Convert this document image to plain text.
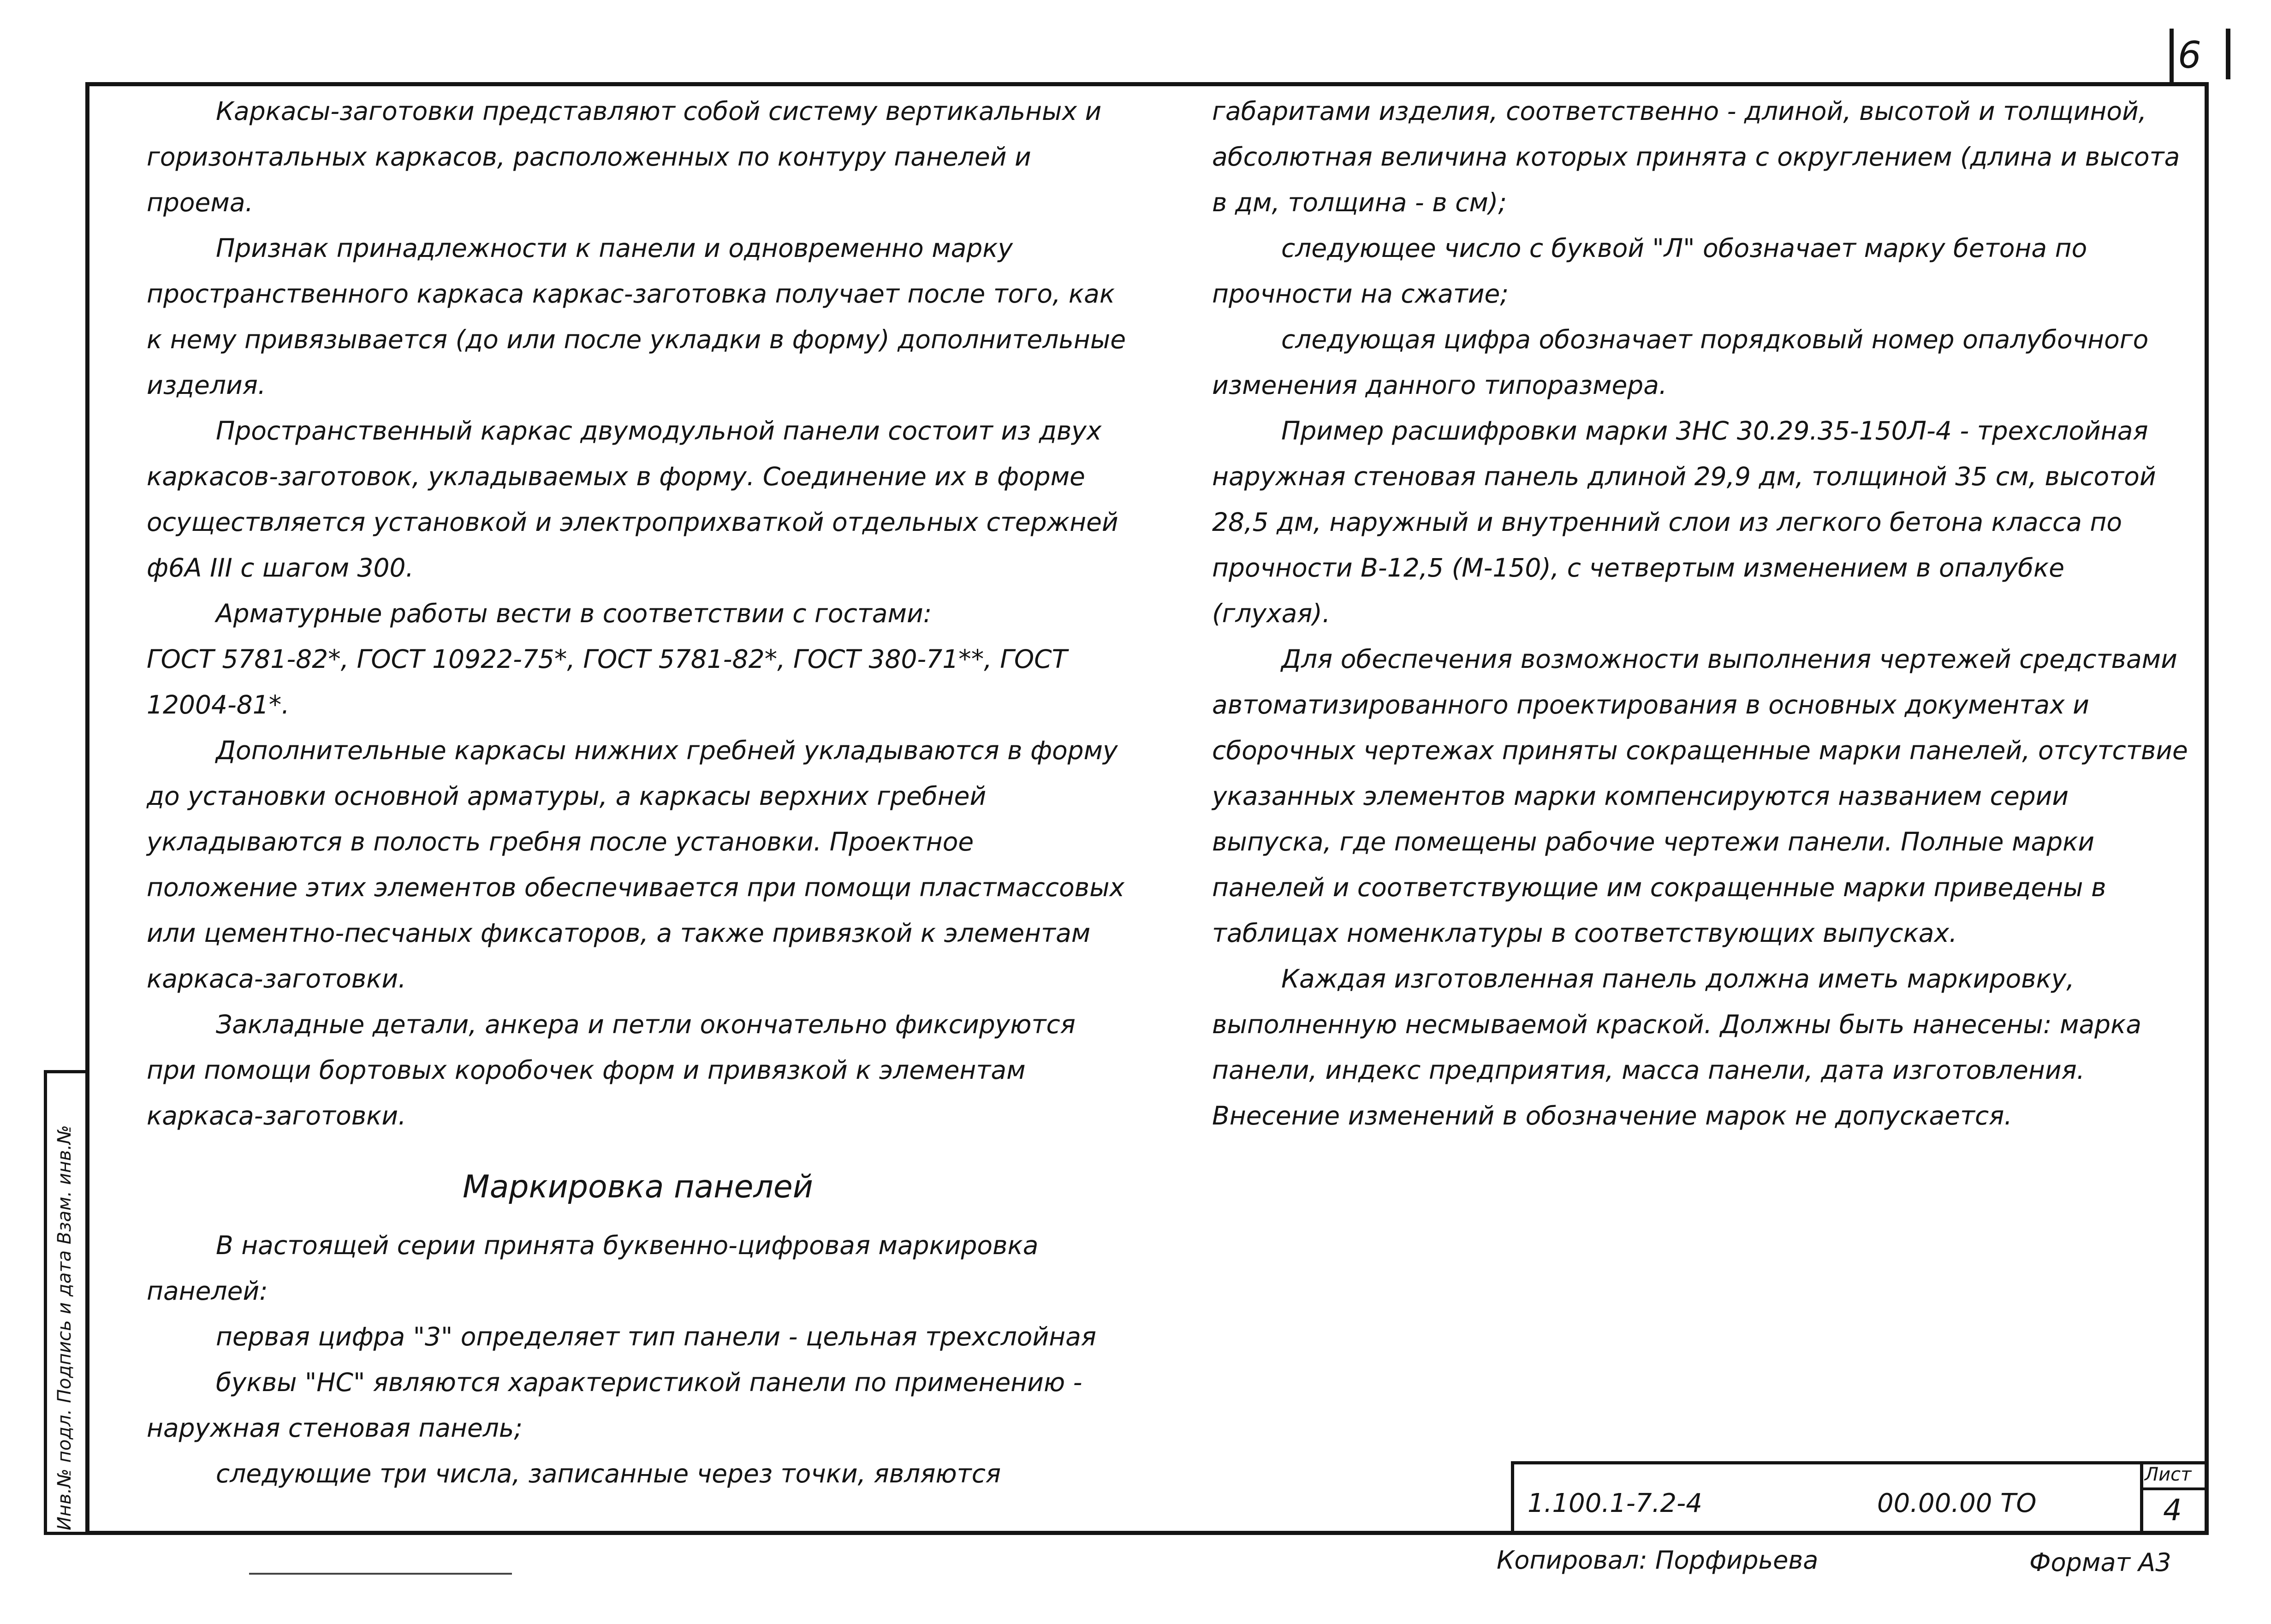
6

Каркасы-заготовки представляют собой систему вертикальных и горизонтальных каркасов, расположенных по контуру панелей и проема.

Признак принадлежности к панели и одновременно марку пространственного каркаса каркас-заготовка получает после того, как к нему привязывается (до или после укладки в форму) дополнительные изделия.

Пространственный каркас двумодульной панели состоит из двух каркасов-заготовок, укладываемых в форму. Соединение их в форме осуществляется установкой и электроприхваткой отдельных стержней ф6А III с шагом 300.

Арматурные работы вести в соответствии с гостами:

ГОСТ 5781-82*, ГОСТ 10922-75*, ГОСТ 5781-82*, ГОСТ 380-71**, ГОСТ 12004-81*.

Дополнительные каркасы нижних гребней укладываются в форму до установки основной арматуры, а каркасы верхних гребней укладываются в полость гребня после установки. Проектное положение этих элементов обеспечивается при помощи пластмассовых или цементно-песчаных фиксаторов, а также привязкой к элементам каркаса-заготовки.

Закладные детали, анкера и петли окончательно фиксируются при помощи бортовых коробочек форм и привязкой к элементам каркаса-заготовки.

Маркировка панелей

В настоящей серии принята буквенно-цифровая маркировка панелей:

первая цифра "3" определяет тип панели - цельная трехслойная

буквы "НС" являются характеристикой панели по применению - наружная стеновая панель;

следующие три числа, записанные через точки, являются

габаритами изделия, соответственно - длиной, высотой и толщиной, абсолютная величина которых принята с округлением (длина и высота в дм, толщина - в см);

следующее число с буквой "Л" обозначает марку бетона по прочности на сжатие;

следующая цифра обозначает порядковый номер опалубочного изменения данного типоразмера.

Пример расшифровки марки 3НС 30.29.35-150Л-4 - трехслойная наружная стеновая панель длиной 29,9 дм, толщиной 35 см, высотой 28,5 дм, наружный и внутренний слои из легкого бетона класса по прочности В-12,5 (М-150), с четвертым изменением в опалубке (глухая).

Для обеспечения возможности выполнения чертежей средствами автоматизированного проектирования в основных документах и сборочных чертежах приняты сокращенные марки панелей, отсутствие указанных элементов марки компенсируются названием серии выпуска, где помещены рабочие чертежи панели. Полные марки панелей и соответствующие им сокращенные марки приведены в таблицах номенклатуры в соответствующих выпусках.

Каждая изготовленная панель должна иметь маркировку, выполненную несмываемой краской. Должны быть нанесены: марка панели, индекс предприятия, масса панели, дата изготовления. Внесение изменений в обозначение марок не допускается.

Инв.№ подл. Подпись и дата Взам. инв.№	1.100.1-7.2-4	00.00.00 ТО
Лист
4
Копировал: Порфирьева	Формат А3
